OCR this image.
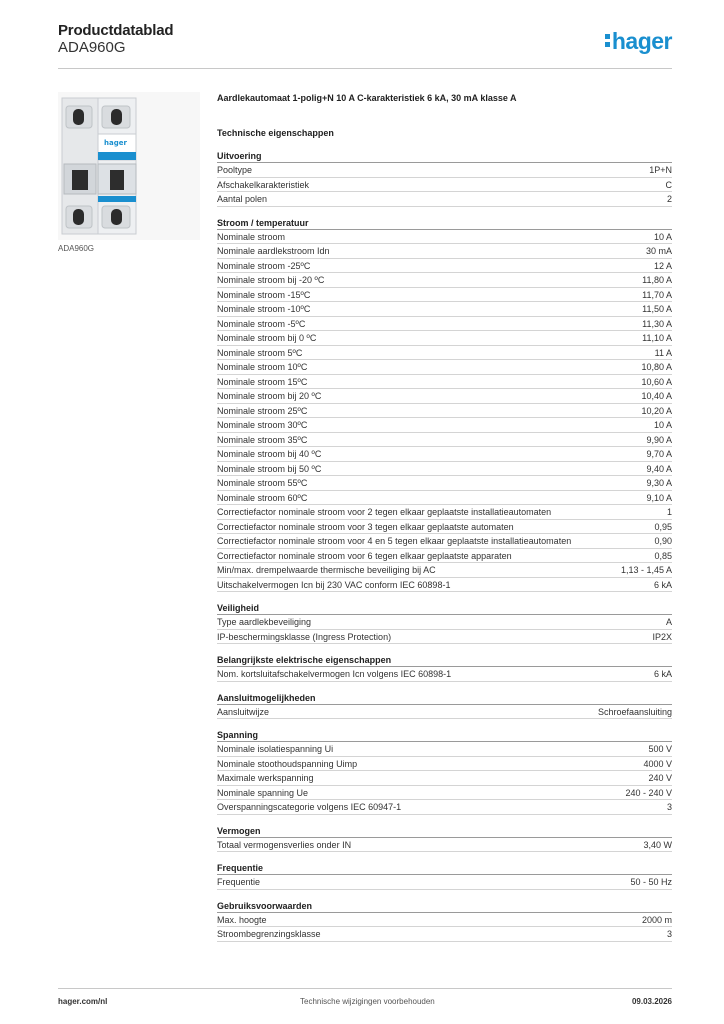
Productdatablad
ADA960G	hager
hager
ADA960G
Aardlekautomaat 1-polig+N 10 A C-karakteristiek 6 kA, 30 mA klasse A
Technische eigenschappen
Uitvoering
Pooltype	1P+N
Afschakelkarakteristiek	C
Aantal polen	2
Stroom / temperatuur
Nominale stroom	10 A
Nominale aardlekstroom Idn	30 mA
Nominale stroom -25ºC	12 A
Nominale stroom bij -20 ºC	11,80 A
Nominale stroom -15ºC	11,70 A
Nominale stroom -10ºC	11,50 A
Nominale stroom -5ºC	11,30 A
Nominale stroom bij 0 ºC	11,10 A
Nominale stroom 5ºC	11 A
Nominale stroom 10ºC	10,80 A
Nominale stroom 15ºC	10,60 A
Nominale stroom bij 20 ºC	10,40 A
Nominale stroom 25ºC	10,20 A
Nominale stroom 30ºC	10 A
Nominale stroom 35ºC	9,90 A
Nominale stroom bij 40 ºC	9,70 A
Nominale stroom bij 50 ºC	9,40 A
Nominale stroom 55ºC	9,30 A
Nominale stroom 60ºC	9,10 A
Correctiefactor nominale stroom voor 2 tegen elkaar geplaatste installatieautomaten	1
Correctiefactor nominale stroom voor 3 tegen elkaar geplaatste automaten	0,95
Correctiefactor nominale stroom voor 4 en 5 tegen elkaar geplaatste installatieautomaten	0,90
Correctiefactor nominale stroom voor 6 tegen elkaar geplaatste apparaten	0,85
Min/max. drempelwaarde thermische beveiliging bij AC	1,13 - 1,45 A
Uitschakelvermogen Icn bij 230 VAC conform IEC 60898-1	6 kA
Veiligheid
Type aardlekbeveiliging	A
IP-beschermingsklasse (Ingress Protection)	IP2X
Belangrijkste elektrische eigenschappen
Nom. kortsluitafschakelvermogen Icn volgens IEC 60898-1	6 kA
Aansluitmogelijkheden
Aansluitwijze	Schroefaansluiting
Spanning
Nominale isolatiespanning Ui	500 V
Nominale stoothoudspanning Uimp	4000 V
Maximale werkspanning	240 V
Nominale spanning Ue	240 - 240 V
Overspanningscategorie volgens IEC 60947-1	3
Vermogen
Totaal vermogensverlies onder IN	3,40 W
Frequentie
Frequentie	50 - 50 Hz
Gebruiksvoorwaarden
Max. hoogte	2000 m
Stroombegrenzingsklasse	3
hager.com/nl	Technische wijzigingen voorbehouden	09.03.2026
